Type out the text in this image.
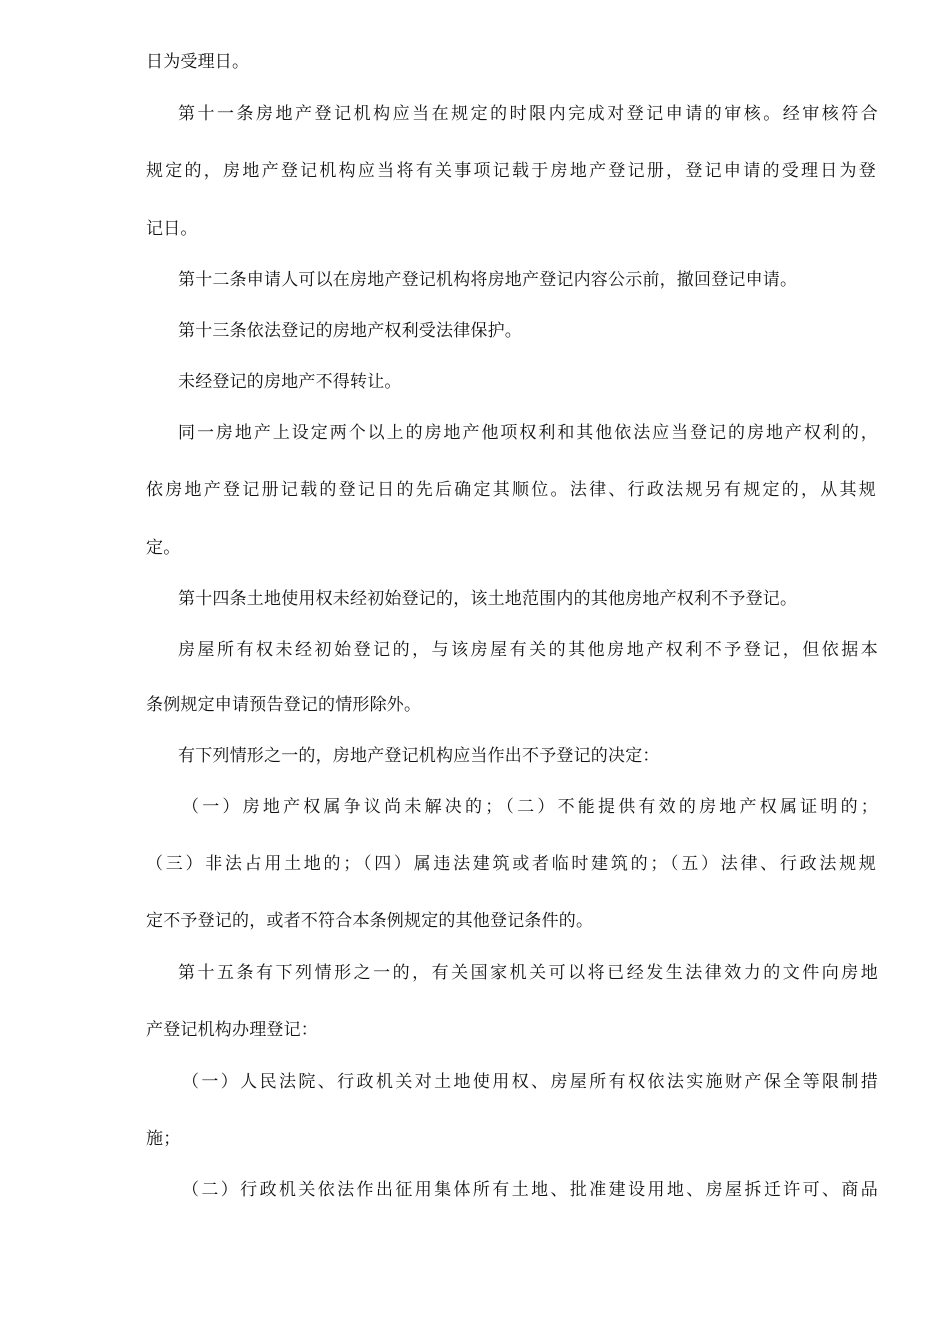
日为受理日。
第十一条房地产登记机构应当在规定的时限内完成对登记申请的审核。经审核符合
规定的，房地产登记机构应当将有关事项记载于房地产登记册，登记申请的受理日为登
记日。
第十二条申请人可以在房地产登记机构将房地产登记内容公示前，撤回登记申请。
第十三条依法登记的房地产权利受法律保护。
未经登记的房地产不得转让。
同一房地产上设定两个以上的房地产他项权利和其他依法应当登记的房地产权利的，
依房地产登记册记载的登记日的先后确定其顺位。法律、行政法规另有规定的，从其规
定。
第十四条土地使用权未经初始登记的，该土地范围内的其他房地产权利不予登记。
房屋所有权未经初始登记的，与该房屋有关的其他房地产权利不予登记，但依据本
条例规定申请预告登记的情形除外。
有下列情形之一的，房地产登记机构应当作出不予登记的决定：
（一）房地产权属争议尚未解决的；（二）不能提供有效的房地产权属证明的；
（三）非法占用土地的；（四）属违法建筑或者临时建筑的；（五）法律、行政法规规
定不予登记的，或者不符合本条例规定的其他登记条件的。
第十五条有下列情形之一的，有关国家机关可以将已经发生法律效力的文件向房地
产登记机构办理登记：
（一）人民法院、行政机关对土地使用权、房屋所有权依法实施财产保全等限制措
施；
（二）行政机关依法作出征用集体所有土地、批准建设用地、房屋拆迁许可、商品
